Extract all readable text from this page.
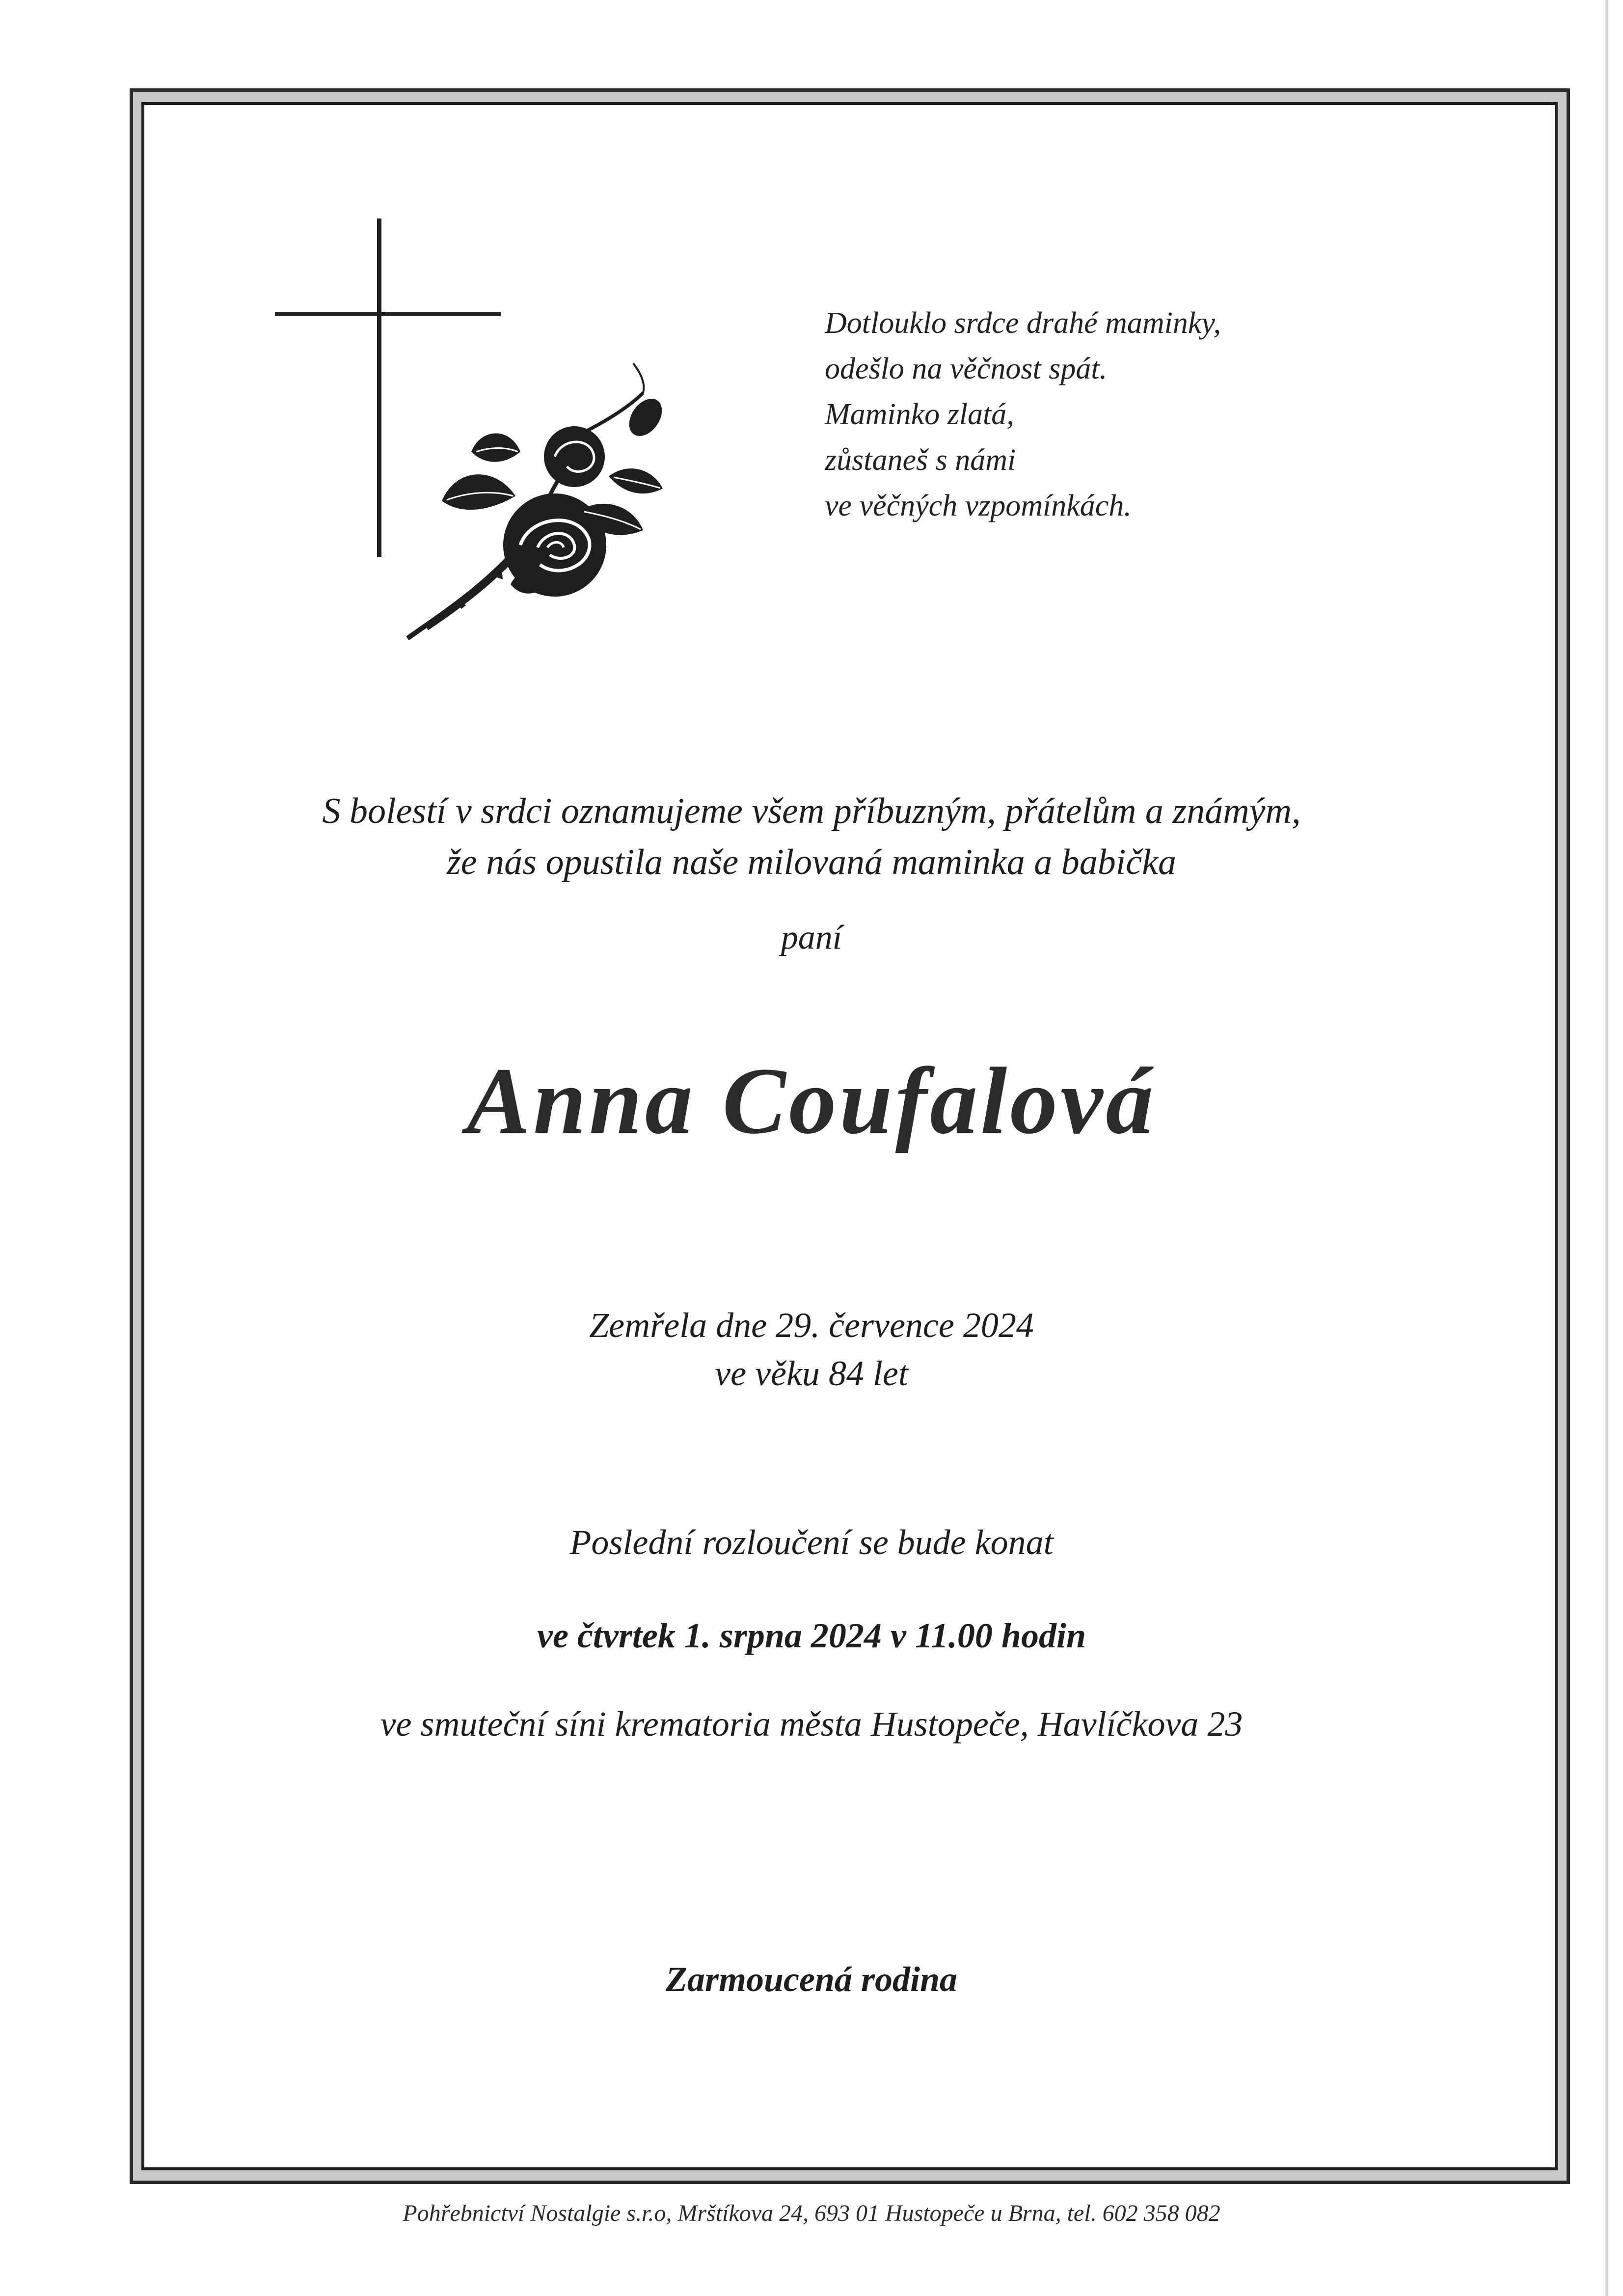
Dotlouklo srdce drahé maminky,
odešlo na věčnost spát.
Maminko zlatá,
zůstaneš s námi
ve věčných vzpomínkách.
S bolestí v srdci oznamujeme všem příbuzným, přátelům a známým,
že nás opustila naše milovaná maminka a babička
paní
Anna Coufalová
Zemřela dne 29. července 2024
ve věku 84 let
Poslední rozloučení se bude konat
ve čtvrtek 1. srpna 2024 v 11.00 hodin
ve smuteční síni krematoria města Hustopeče, Havlíčkova 23
Zarmoucená rodina
Pohřebnictví Nostalgie s.r.o, Mrštíkova 24, 693 01 Hustopeče u Brna, tel. 602 358 082
